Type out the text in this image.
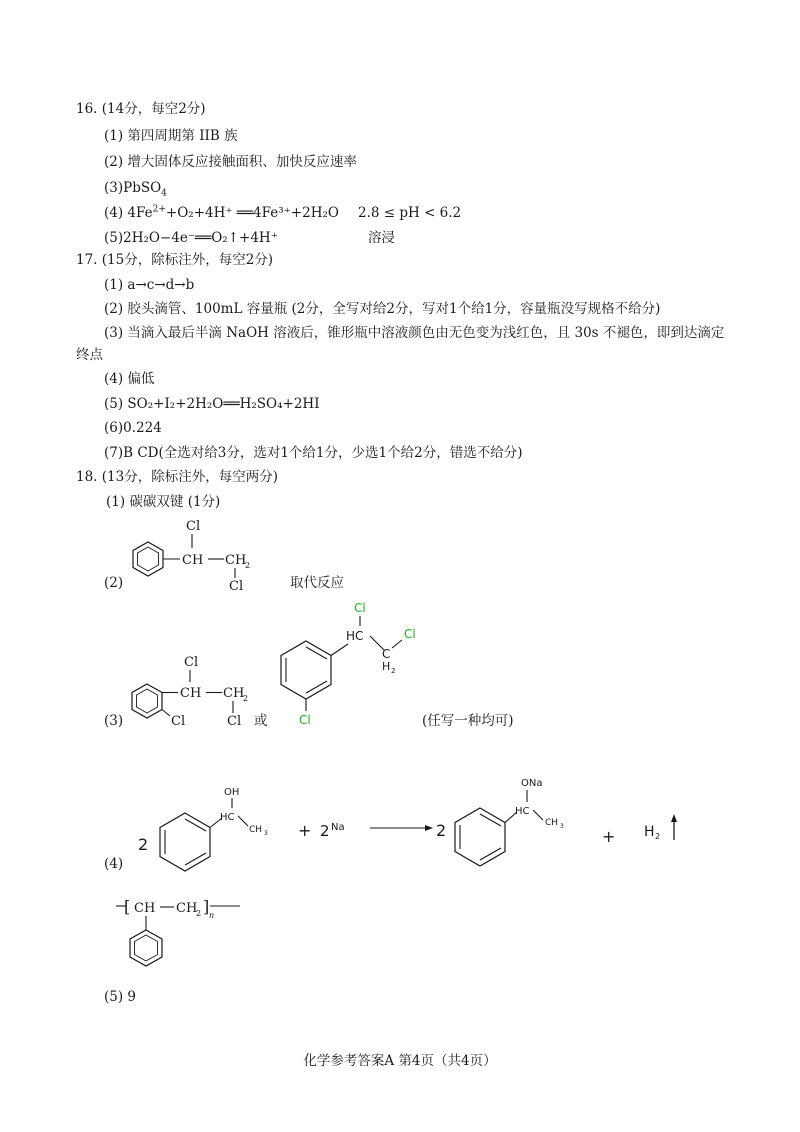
16. (14分，每空2分)
(1) 第四周期第 IIB 族
(2) 增大固体反应接触面积、加快反应速率
(3)PbSO$_4$
(4) $4Fe^{2+}+O_2+4H^+$ ══4Fe³⁺+2H₂O 2.8 ≤ pH < 6.2
(5)2H₂O−4e⁻══O₂↑+4H⁺	溶浸
17. (15分，除标注外，每空2分)
(1) a→c→d→b
(2) 胶头滴管、100mL 容量瓶 (2分，全写对给2分，写对1个给1分，容量瓶没写规格不给分)
(3) 当滴入最后半滴 NaOH 溶液后，锥形瓶中溶液颜色由无色变为浅红色，且 30s 不褪色，即到达滴定
终点
(4) 偏低
(5) SO₂+I₂+2H₂O══H₂SO₄+2HI
(6)0.224
(7)B CD(全选对给3分，选对1个给1分，少选1个给2分，错选不给分)
18. (13分，除标注外，每空两分)
(1) 碳碳双键 (1分)
(2)
CH
Cl
CH
2
Cl	取代反应
(3)
CH
Cl
CH
2
Cl
Cl	或
HC
Cl
C
H 2
Cl
Cl	(任写一种均可)
(4)
2
HC
OH
CH 3 + 2 Na	2
HC
ONa
CH 3
+ H 2
[ CH CH
2 ] n
(5) 9
化学参考答案A 第4页（共4页）
